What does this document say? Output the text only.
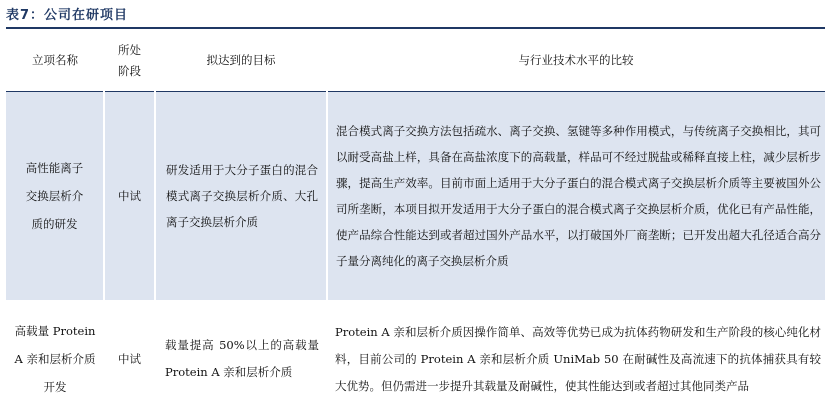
表7：公司在研项目
立项名称	所处阶段	拟达到的目标	与行业技术水平的比较

高性能离子交换层析介质的研发	中试	研发适用于大分子蛋白的混合模式离子交换层析介质、大孔离子交换层析介质	混合模式离子交换方法包括疏水、离子交换、氢键等多种作用模式，与传统离子交换相比，其可以耐受高盐上样，具备在高盐浓度下的高载量，样品可不经过脱盐或稀释直接上柱，减少层析步骤，提高生产效率。目前市面上适用于大分子蛋白的混合模式离子交换层析介质等主要被国外公司所垄断，本项目拟开发适用于大分子蛋白的混合模式离子交换层析介质，优化已有产品性能，使产品综合性能达到或者超过国外产品水平，以打破国外厂商垄断；已开发出超大孔径适合高分子量分离纯化的离子交换层析介质

高载量 Protein A 亲和层析介质开发	中试	载量提高 50%以上的高载量 Protein A 亲和层析介质	Protein A 亲和层析介质因操作简单、高效等优势已成为抗体药物研发和生产阶段的核心纯化材料，目前公司的 Protein A 亲和层析介质 UniMab 50 在耐碱性及高流速下的抗体捕获具有较大优势。但仍需进一步提升其载量及耐碱性，使其性能达到或者超过其他同类产品
